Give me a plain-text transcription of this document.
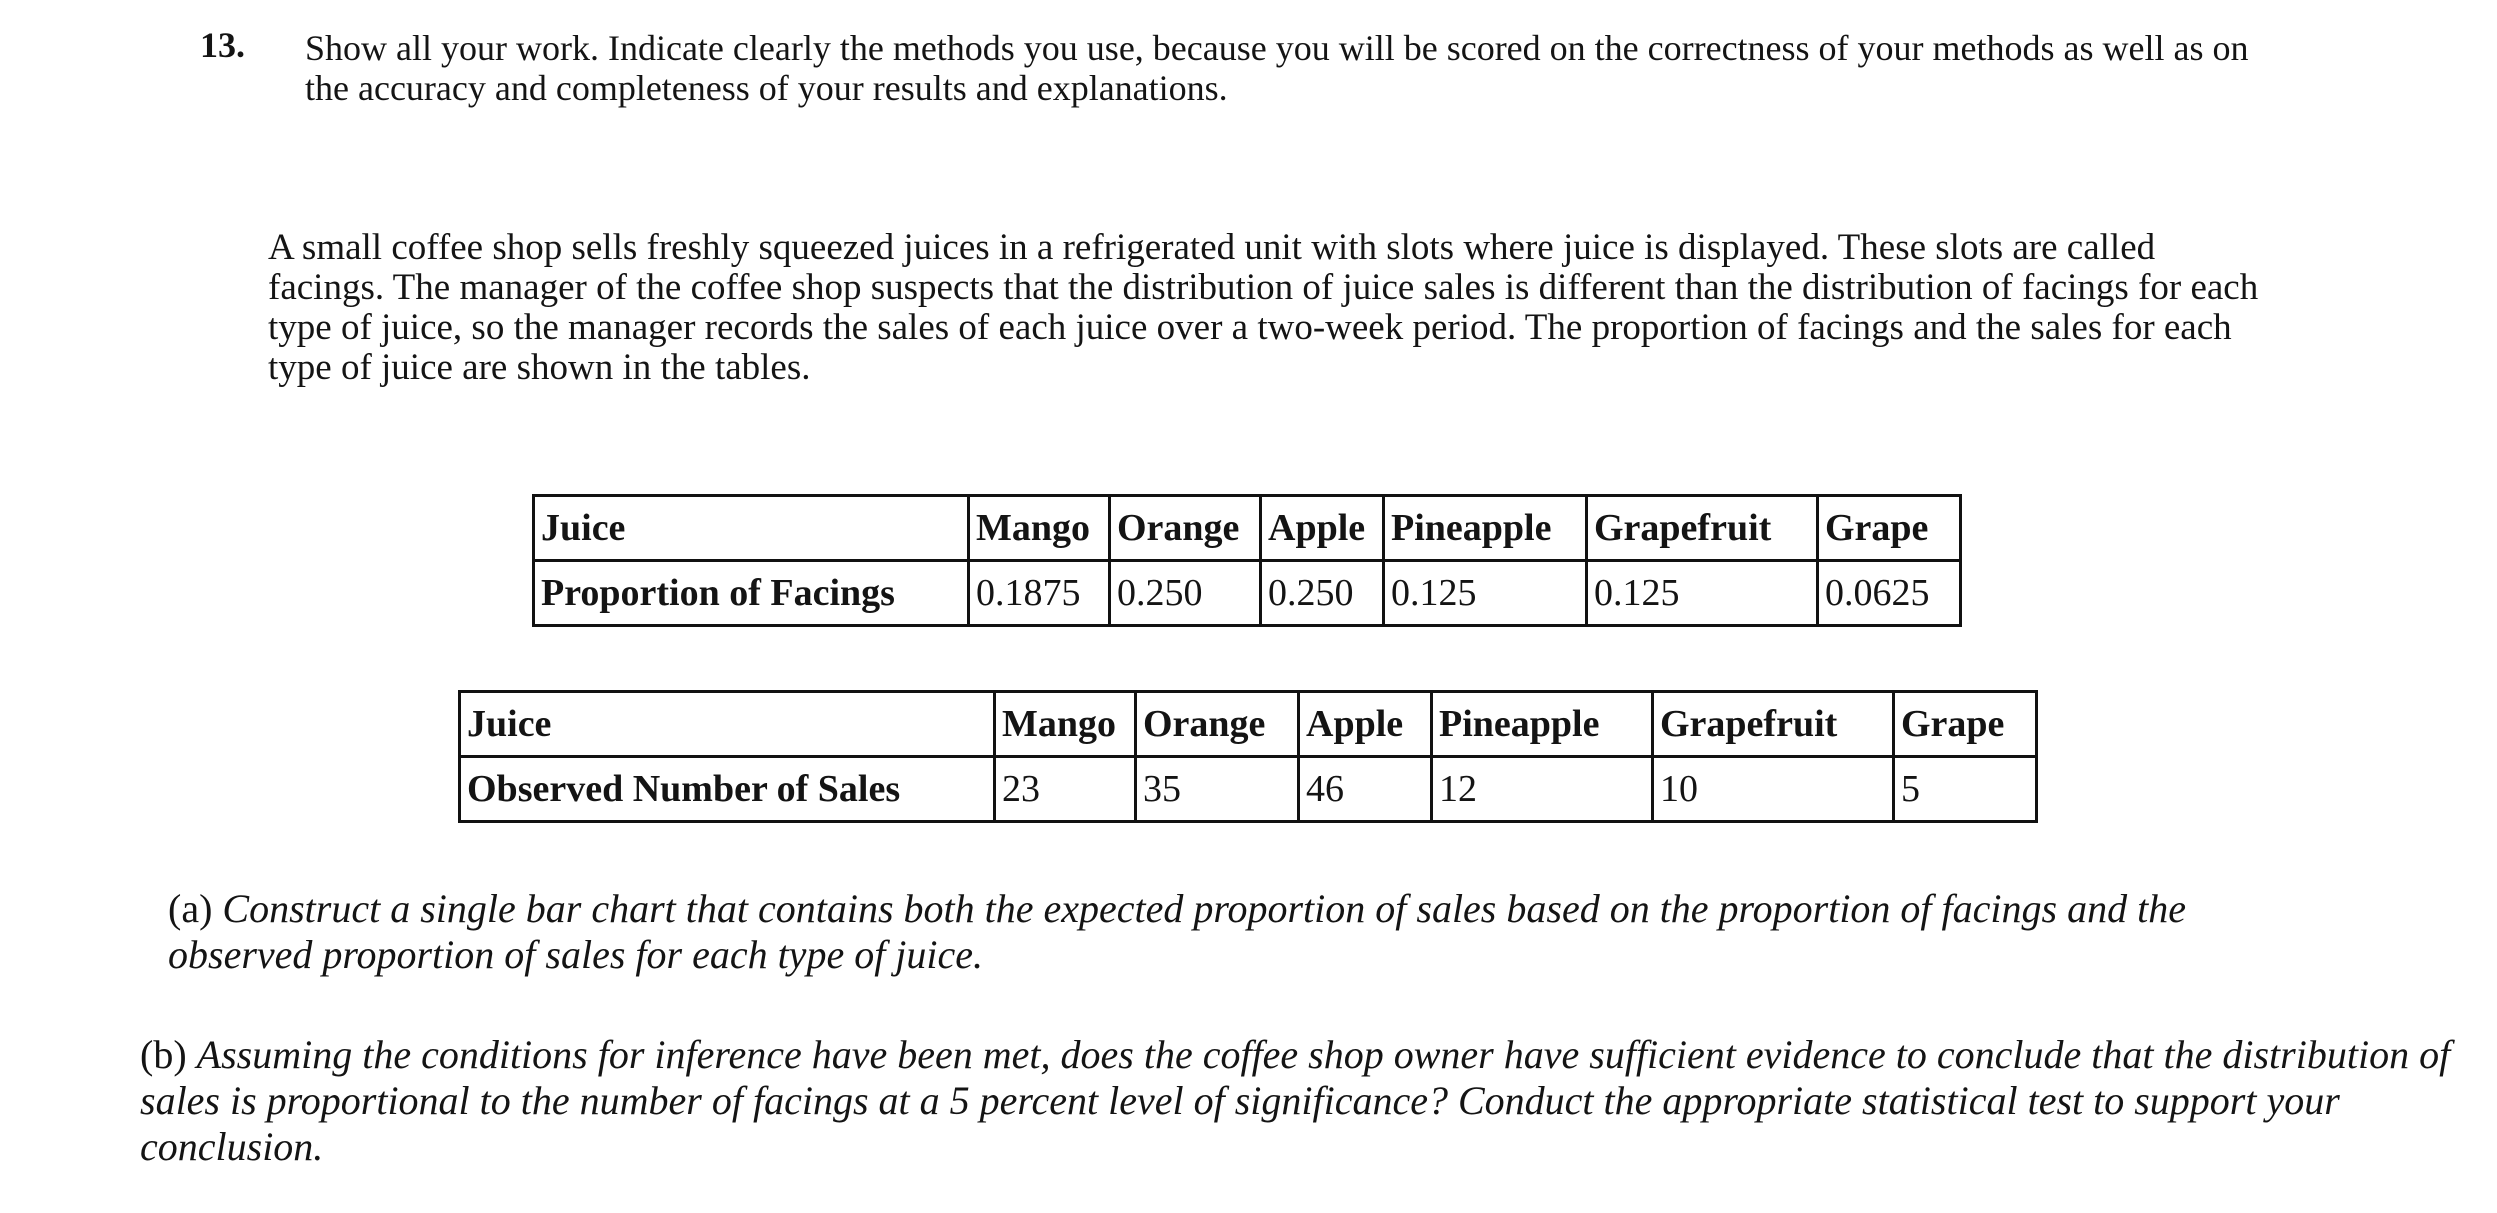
13. Show all your work. Indicate clearly the methods you use, because you will be scored on the correctness of your methods as well as on the accuracy and completeness of your results and explanations.
A small coffee shop sells freshly squeezed juices in a refrigerated unit with slots where juice is displayed. These slots are called facings. The manager of the coffee shop suspects that the distribution of juice sales is different than the distribution of facings for each type of juice, so the manager records the sales of each juice over a two-week period. The proportion of facings and the sales for each type of juice are shown in the tables.
Juice	Mango	Orange	Apple	Pineapple	Grapefruit	Grape
Proportion of Facings	0.1875	0.250	0.250	0.125	0.125	0.0625
Juice	Mango	Orange	Apple	Pineapple	Grapefruit	Grape
Observed Number of Sales	23	35	46	12	10	5
(a) Construct a single bar chart that contains both the expected proportion of sales based on the proportion of facings and the observed proportion of sales for each type of juice.
(b) Assuming the conditions for inference have been met, does the coffee shop owner have sufficient evidence to conclude that the distribution of sales is proportional to the number of facings at a 5 percent level of significance? Conduct the appropriate statistical test to support your conclusion.
